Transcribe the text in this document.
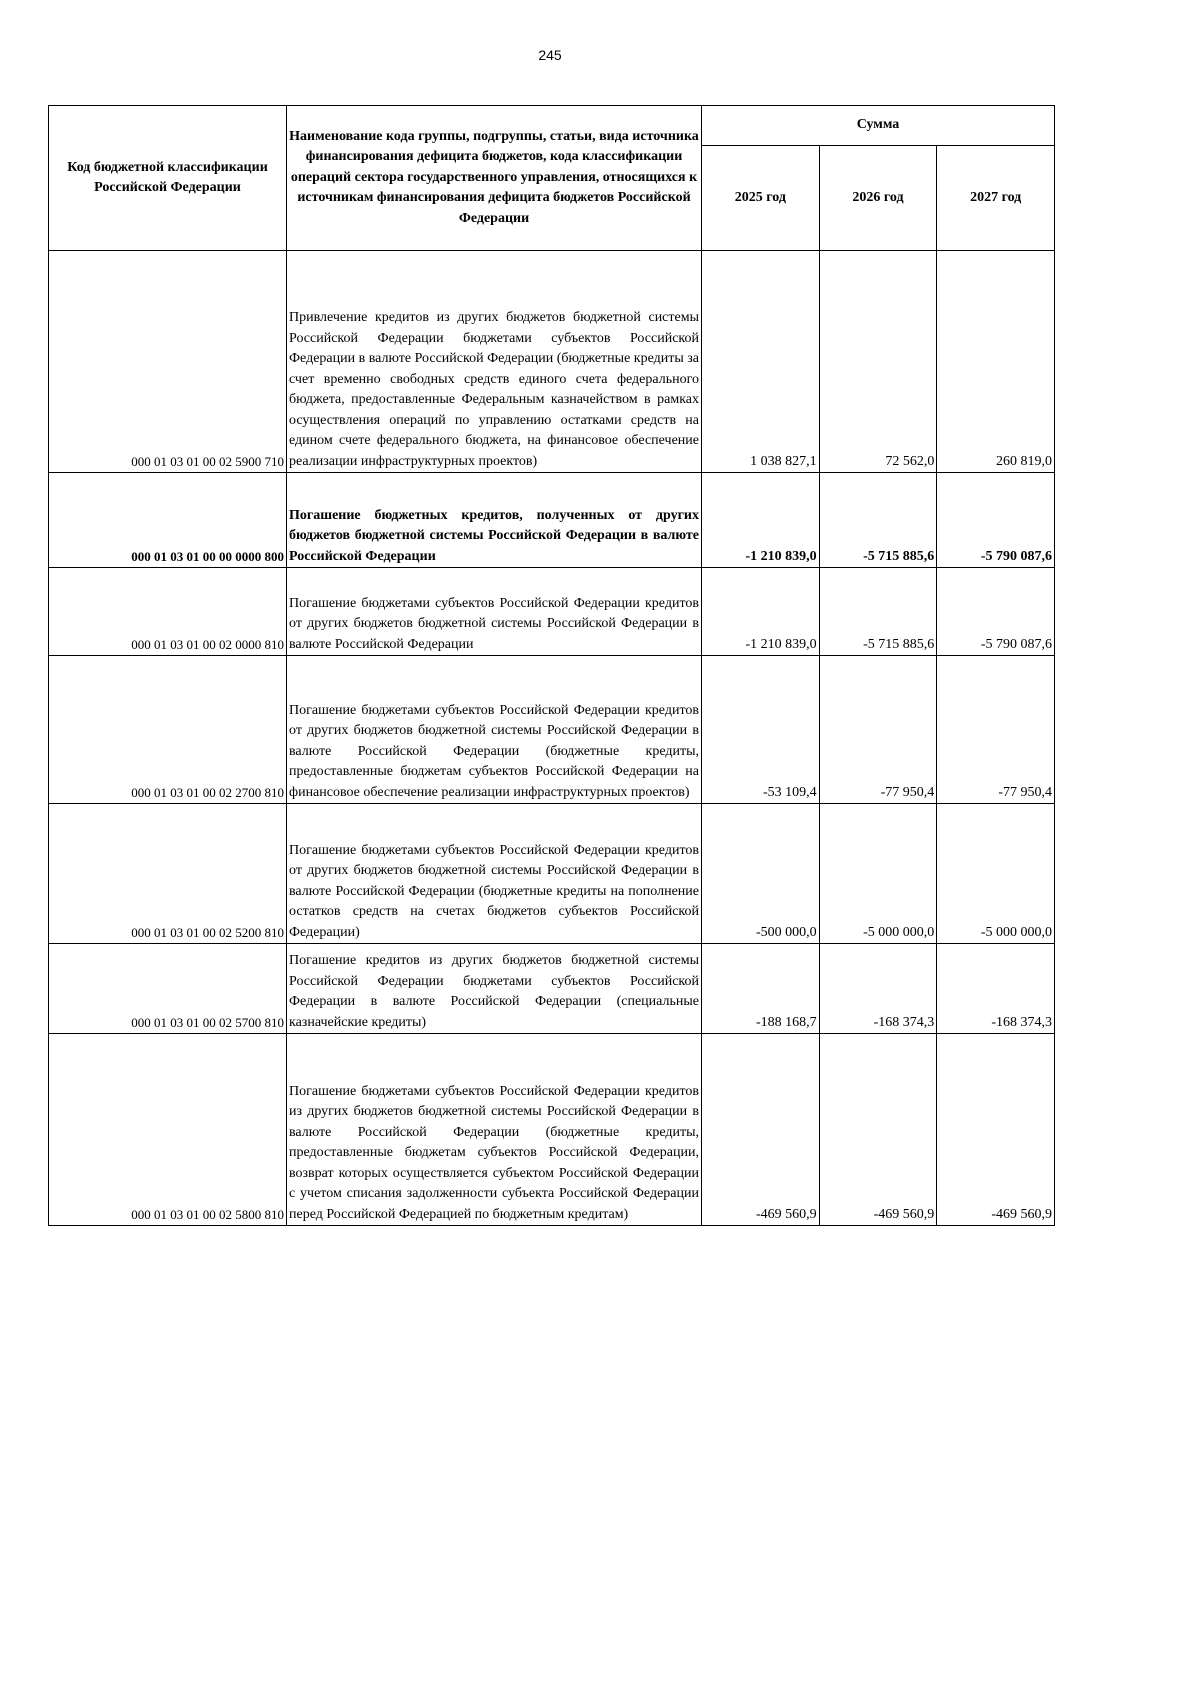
245
Код бюджетной классификации Российской Федерации	Наименование кода группы, подгруппы, статьи, вида источника финансирования дефицита бюджетов, кода классификации операций сектора государственного управления, относящихся к источникам финансирования дефицита бюджетов Российской Федерации	Сумма		
		2025 год	2026 год	2027 год
000 01 03 01 00 02 5900 710	Привлечение кредитов из других бюджетов бюджетной системы Российской Федерации бюджетами субъектов Российской Федерации в валюте Российской Федерации (бюджетные кредиты за счет временно свободных средств единого счета федерального бюджета, предоставленные Федеральным казначейством в рамках осуществления операций по управлению остатками средств на едином счете федерального бюджета, на финансовое обеспечение реализации инфраструктурных проектов)	1 038 827,1	72 562,0	260 819,0
000 01 03 01 00 00 0000 800	Погашение бюджетных кредитов, полученных от других бюджетов бюджетной системы Российской Федерации в валюте Российской Федерации	-1 210 839,0	-5 715 885,6	-5 790 087,6
000 01 03 01 00 02 0000 810	Погашение бюджетами субъектов Российской Федерации кредитов от других бюджетов бюджетной системы Российской Федерации в валюте Российской Федерации	-1 210 839,0	-5 715 885,6	-5 790 087,6
000 01 03 01 00 02 2700 810	Погашение бюджетами субъектов Российской Федерации кредитов от других бюджетов бюджетной системы Российской Федерации в валюте Российской Федерации (бюджетные кредиты, предоставленные бюджетам субъектов Российской Федерации на финансовое обеспечение реализации инфраструктурных проектов)	-53 109,4	-77 950,4	-77 950,4
000 01 03 01 00 02 5200 810	Погашение бюджетами субъектов Российской Федерации кредитов от других бюджетов бюджетной системы Российской Федерации в валюте Российской Федерации (бюджетные кредиты на пополнение остатков средств на счетах бюджетов субъектов Российской Федерации)	-500 000,0	-5 000 000,0	-5 000 000,0
000 01 03 01 00 02 5700 810	Погашение кредитов из других бюджетов бюджетной системы Российской Федерации бюджетами субъектов Российской Федерации в валюте Российской Федерации (специальные казначейские кредиты)	-188 168,7	-168 374,3	-168 374,3
000 01 03 01 00 02 5800 810	Погашение бюджетами субъектов Российской Федерации кредитов из других бюджетов бюджетной системы Российской Федерации в валюте Российской Федерации (бюджетные кредиты, предоставленные бюджетам субъектов Российской Федерации, возврат которых осуществляется субъектом Российской Федерации с учетом списания задолженности субъекта Российской Федерации перед Российской Федерацией по бюджетным кредитам)	-469 560,9	-469 560,9	-469 560,9
